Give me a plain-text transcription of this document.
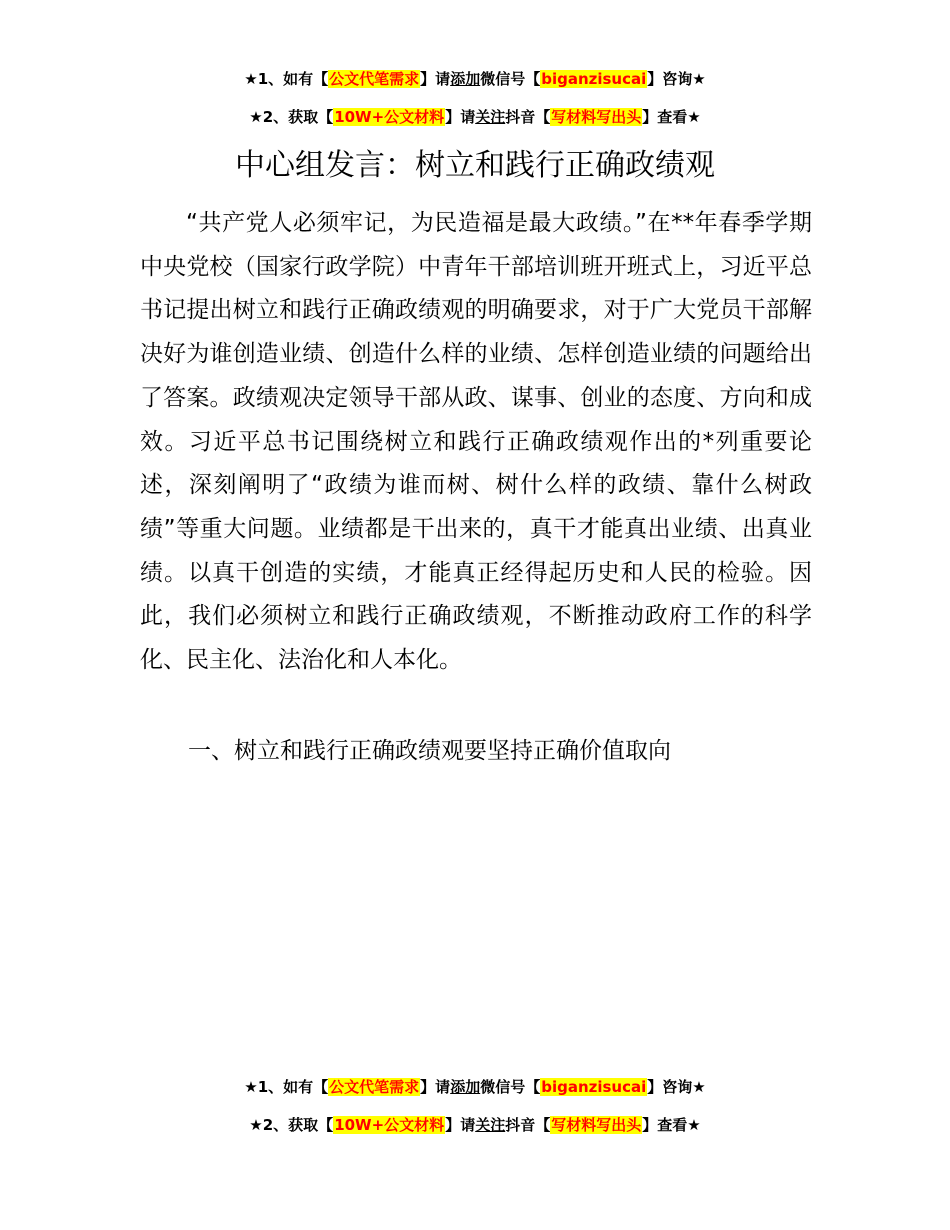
★1、如有【公文代笔需求】请添加微信号【biganzisucai】咨询★
★2、获取【10W+公文材料】请关注抖音【写材料写出头】查看★
中心组发言：树立和践行正确政绩观

“共产党人必须牢记，为民造福是最大政绩。”在**年春季学期中央党校（国家行政学院）中青年干部培训班开班式上，习近平总书记提出树立和践行正确政绩观的明确要求，对于广大党员干部解决好为谁创造业绩、创造什么样的业绩、怎样创造业绩的问题给出了答案。政绩观决定领导干部从政、谋事、创业的态度、方向和成效。习近平总书记围绕树立和践行正确政绩观作出的*列重要论述，深刻阐明了“政绩为谁而树、树什么样的政绩、靠什么树政绩”等重大问题。业绩都是干出来的，真干才能真出业绩、出真业绩。以真干创造的实绩，才能真正经得起历史和人民的检验。因此，我们必须树立和践行正确政绩观，不断推动政府工作的科学化、民主化、法治化和人本化。

一、树立和践行正确政绩观要坚持正确价值取向

★1、如有【公文代笔需求】请添加微信号【biganzisucai】咨询★
★2、获取【10W+公文材料】请关注抖音【写材料写出头】查看★
